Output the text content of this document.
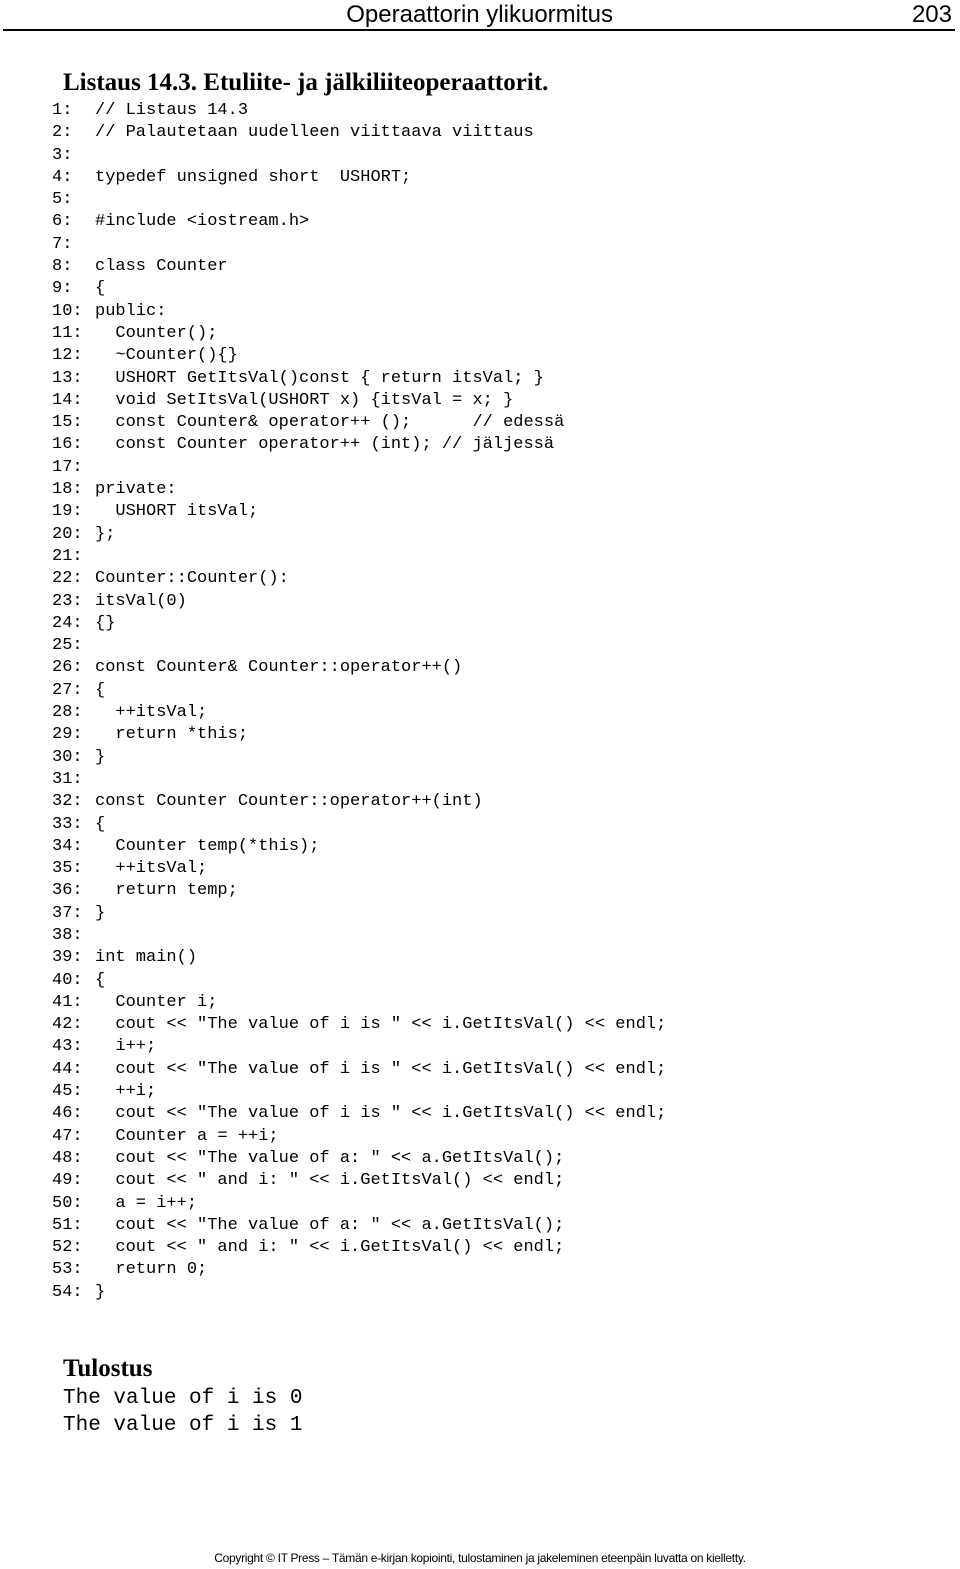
Operaattorin ylikuormitus	203
Listaus 14.3. Etuliite- ja jälkiliiteoperaattorit.
1:	// Listaus 14.3
2:	// Palautetaan uudelleen viittaava viittaus
3:
4:	typedef unsigned short  USHORT;
5:
6:	#include <iostream.h>
7:
8:	class Counter
9:	{
10: public:
11: Counter();
12: ~Counter(){}
13: USHORT GetItsVal()const { return itsVal; }
14: void SetItsVal(USHORT x) {itsVal = x; }
15: const Counter& operator++ ();      // edessä
16: const Counter operator++ (int); // jäljessä
17:
18: private:
19: USHORT itsVal;
20: };
21:
22: Counter::Counter():
23: itsVal(0)
24: {}
25:
26: const Counter& Counter::operator++()
27: {
28: ++itsVal;
29: return *this;
30: }
31:
32: const Counter Counter::operator++(int)
33: {
34: Counter temp(*this);
35: ++itsVal;
36: return temp;
37: }
38:
39: int main()
40: {
41: Counter i;
42: cout << "The value of i is " << i.GetItsVal() << endl;
43: i++;
44: cout << "The value of i is " << i.GetItsVal() << endl;
45: ++i;
46: cout << "The value of i is " << i.GetItsVal() << endl;
47: Counter a = ++i;
48: cout << "The value of a: " << a.GetItsVal();
49: cout << " and i: " << i.GetItsVal() << endl;
50: a = i++;
51: cout << "The value of a: " << a.GetItsVal();
52: cout << " and i: " << i.GetItsVal() << endl;
53: return 0;
54: }
Tulostus
The value of i is 0
The value of i is 1
Copyright © IT Press – Tämän e-kirjan kopiointi, tulostaminen ja jakeleminen eteenpäin luvatta on kielletty.
